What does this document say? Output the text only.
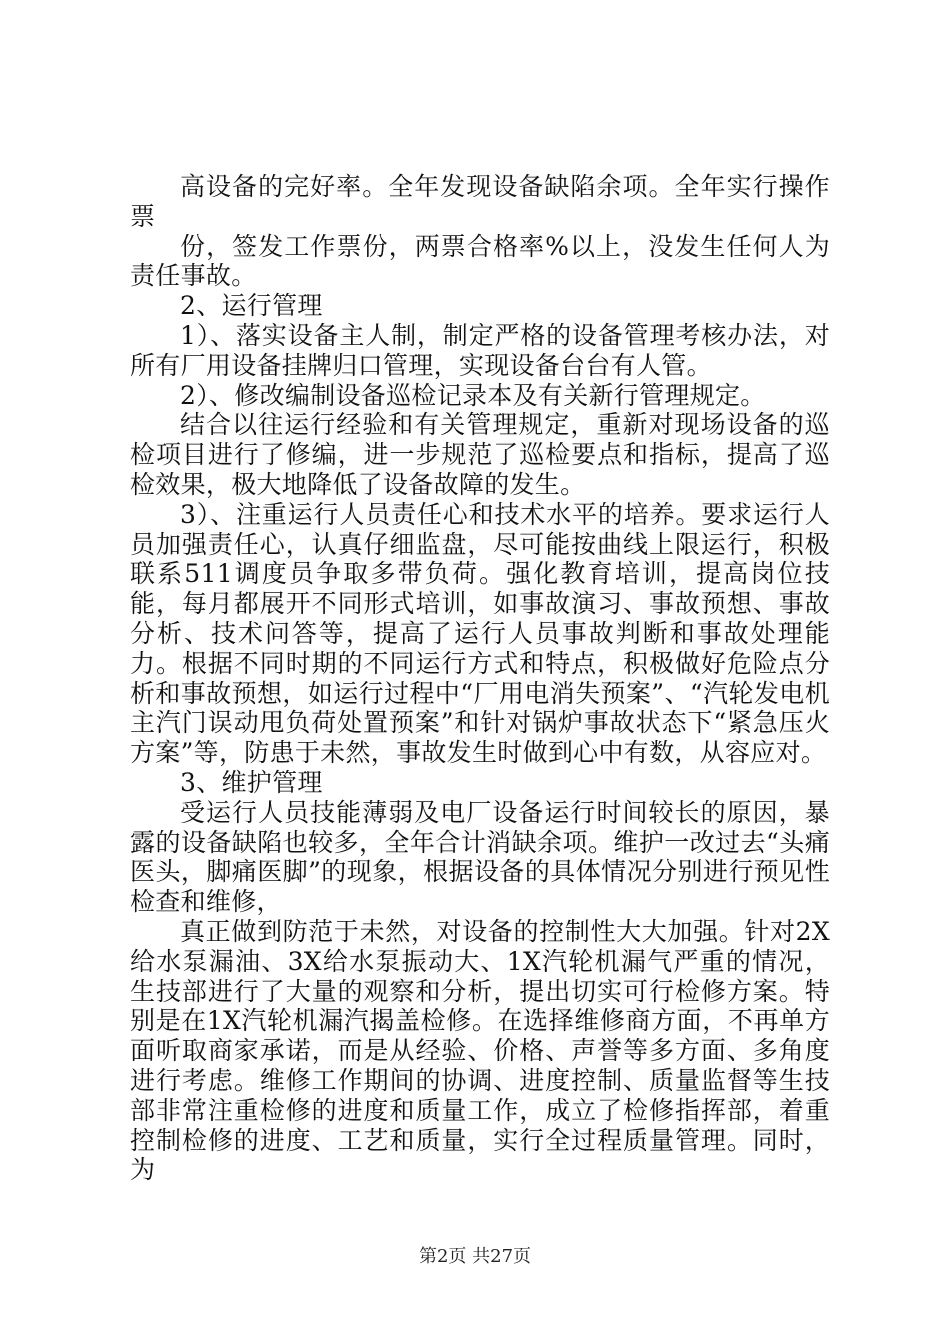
高设备的完好率。全年发现设备缺陷余项。全年实行操作票

份，签发工作票份，两票合格率%以上，没发生任何人为责任事故。

2、运行管理

1）、落实设备主人制，制定严格的设备管理考核办法，对所有厂用设备挂牌归口管理，实现设备台台有人管。

2）、修改编制设备巡检记录本及有关新行管理规定。

结合以往运行经验和有关管理规定，重新对现场设备的巡检项目进行了修编，进一步规范了巡检要点和指标，提高了巡检效果，极大地降低了设备故障的发生。

3）、注重运行人员责任心和技术水平的培养。要求运行人员加强责任心，认真仔细监盘，尽可能按曲线上限运行，积极联系511调度员争取多带负荷。强化教育培训，提高岗位技能，每月都展开不同形式培训，如事故演习、事故预想、事故分析、技术问答等，提高了运行人员事故判断和事故处理能力。根据不同时期的不同运行方式和特点，积极做好危险点分析和事故预想，如运行过程中“厂用电消失预案”、“汽轮发电机主汽门误动甩负荷处置预案”和针对锅炉事故状态下“紧急压火方案”等，防患于未然，事故发生时做到心中有数，从容应对。

3、维护管理

受运行人员技能薄弱及电厂设备运行时间较长的原因，暴露的设备缺陷也较多，全年合计消缺余项。维护一改过去“头痛医头，脚痛医脚”的现象，根据设备的具体情况分别进行预见性检查和维修，

真正做到防范于未然，对设备的控制性大大加强。针对2X给水泵漏油、3X给水泵振动大、1X汽轮机漏气严重的情况，生技部进行了大量的观察和分析，提出切实可行检修方案。特别是在1X汽轮机漏汽揭盖检修。在选择维修商方面，不再单方面听取商家承诺，而是从经验、价格、声誉等多方面、多角度进行考虑。维修工作期间的协调、进度控制、质量监督等生技部非常注重检修的进度和质量工作，成立了检修指挥部，着重控制检修的进度、工艺和质量，实行全过程质量管理。同时，为

第2页 共27页
